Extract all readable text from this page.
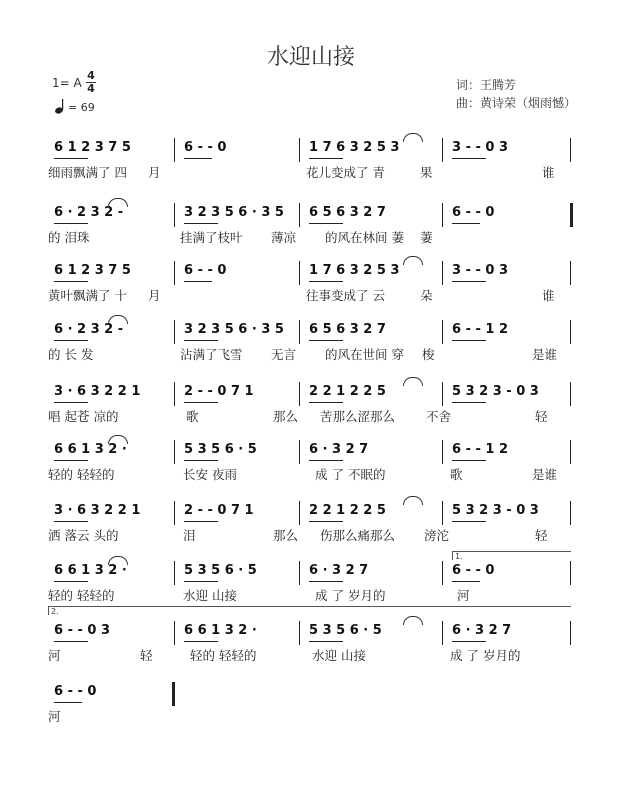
水迎山接
1= A
4
4
= 69
词：王腾芳
曲：黄诗荣（烟雨憾）
6 1 2 3 7 5	6 - - 0	1 7 6 3 2 5 3	3 - - 0 3
细雨飘满了 四 月	花儿变成了 青	果	谁
6 · 2 3 2 -	3 2 3 5 6 · 3 5 6 5 6 3 2 7	6 - - 0
的 泪珠	挂满了枝叶 薄凉 的风在林间 萋 萋
6 1 2 3 7 5	6 - - 0	1 7 6 3 2 5 3	3 - - 0 3
黄叶飘满了 十 月	往事变成了 云	朵	谁
6 · 2 3 2 -	3 2 3 5 6 · 3 5 6 5 6 3 2 7	6 - - 1 2
的 长 发	沾满了飞雪 无言 的风在世间 穿 梭	是谁
3 · 6 3 2 2 1	2 - - 0 7 1	2 2 1 2 2 5	5 3 2 3 - 0 3
唱 起苍 凉的	歌	那么 苦那么涩那么 不舍	轻
6 6 1 3 2 ·	5 3 5 6 · 5	6 · 3 2 7	6 - - 1 2
轻的 轻轻的	长安 夜雨	成 了 不眠的	歌	是谁
3 · 6 3 2 2 1	2 - - 0 7 1	2 2 1 2 2 5	5 3 2 3 - 0 3
洒 落云 头的	泪	那么 伤那么痛那么 滂沱	轻
6 6 1 3 2 ·	5 3 5 6 · 5	6 · 3 2 7	6 - - 0
轻的 轻轻的	水迎 山接	成 了 岁月的	河
6 - - 0 3	6 6 1 3 2 ·	5 3 5 6 · 5	6 · 3 2 7
河	轻	轻的 轻轻的	水迎 山接	成 了 岁月的
6 - - 0
河
1.
2.
